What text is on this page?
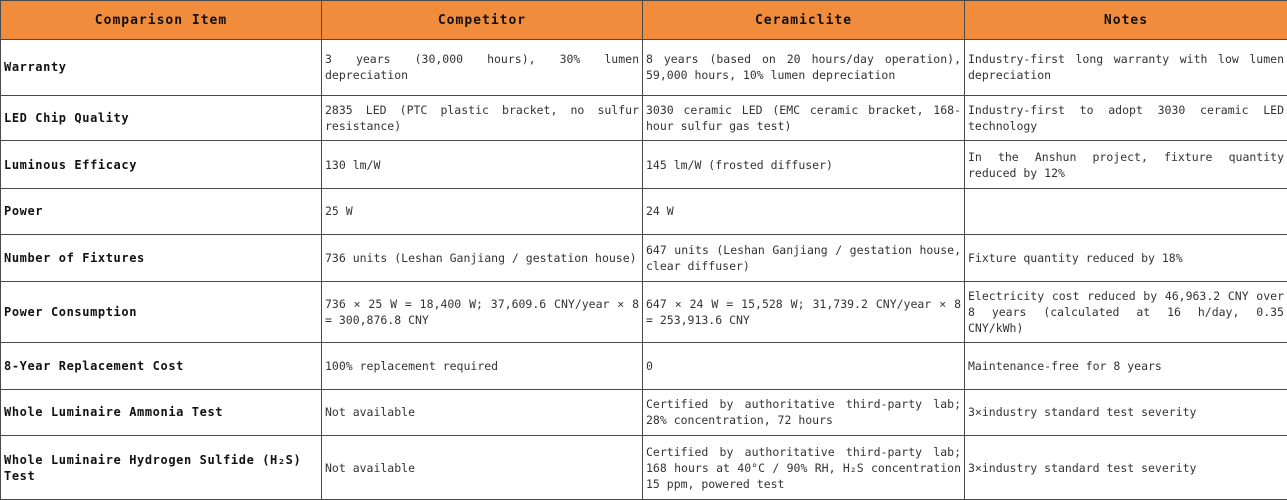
Comparison Item	Competitor	Ceramiclite	Notes
Warranty	3 years (30,000 hours), 30% lumen depreciation	8 years (based on 20 hours/day operation), 59,000 hours, 10% lumen depreciation	Industry-first long warranty with low lumen depreciation
LED Chip Quality	2835 LED (PTC plastic bracket, no sulfur resistance)	3030 ceramic LED (EMC ceramic bracket, 168-hour sulfur gas test)	Industry-first to adopt 3030 ceramic LED technology
Luminous Efficacy	130 lm/W	145 lm/W (frosted diffuser)	In the Anshun project, fixture quantity reduced by 12%
Power	25 W	24 W	
Number of Fixtures	736 units (Leshan Ganjiang / gestation house)	647 units (Leshan Ganjiang / gestation house, clear diffuser)	Fixture quantity reduced by 18%
Power Consumption	736 × 25 W = 18,400 W; 37,609.6 CNY/year × 8 = 300,876.8 CNY	647 × 24 W = 15,528 W; 31,739.2 CNY/year × 8 = 253,913.6 CNY	Electricity cost reduced by 46,963.2 CNY over 8 years (calculated at 16 h/day, 0.35 CNY/kWh)
8-Year Replacement Cost	100% replacement required	0	Maintenance-free for 8 years
Whole Luminaire Ammonia Test	Not available	Certified by authoritative third-party lab; 28% concentration, 72 hours	3×industry standard test severity
Whole Luminaire Hydrogen Sulfide (H₂S) Test	Not available	Certified by authoritative third-party lab; 168 hours at 40°C / 90% RH, H₂S concentration 15 ppm, powered test	3×industry standard test severity
